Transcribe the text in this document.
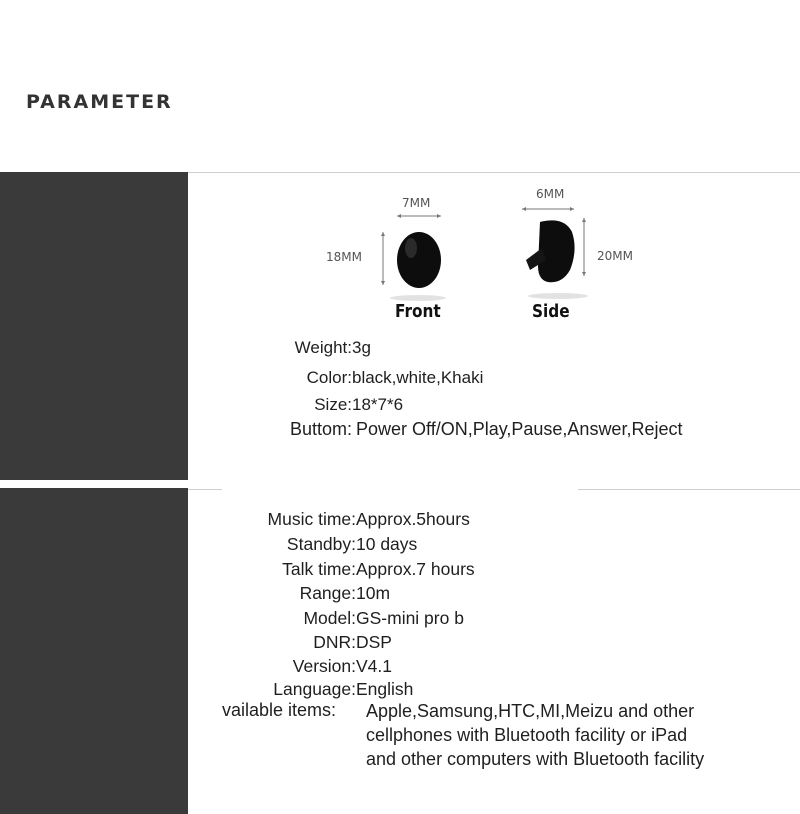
PARAMETER
7MM
18MM
6MM
20MM
Front	Side
Weight:3g
Color:black,white,Khaki
Size:18*7*6
Buttom: Power Off/ON,Play,Pause,Answer,Reject
Music time:Approx.5hours
Standby:10 days
Talk time:Approx.7 hours
Range:10m
Model:GS-mini pro b
DNR:DSP
Version:V4.1
Language:English
vailable items: Apple,Samsung,HTC,MI,Meizu and other
cellphones with Bluetooth facility or iPad
and other computers with Bluetooth facility
